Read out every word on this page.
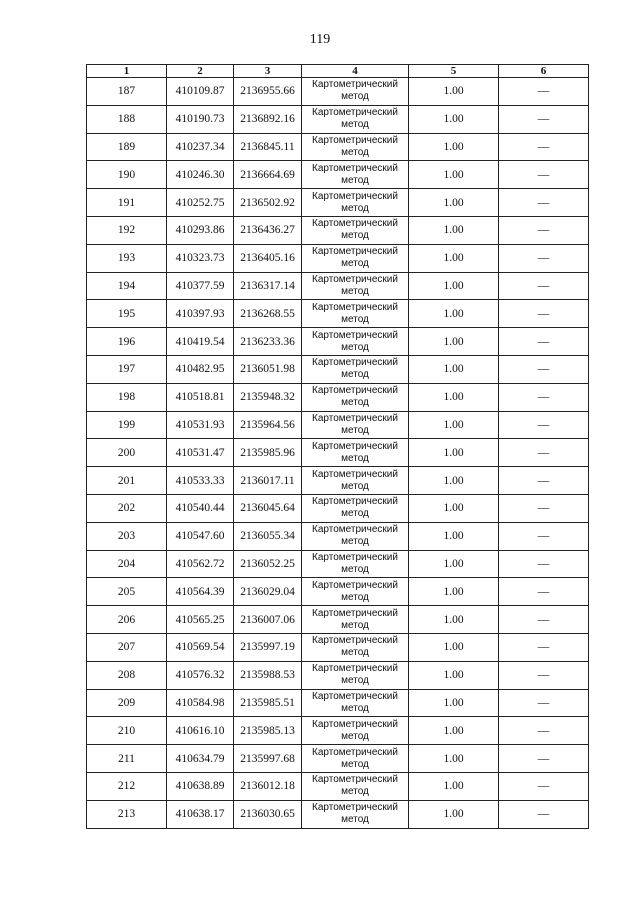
119
1	2	3	4	5	6
187	410109.87	2136955.66	Картометрический метод	1.00	—
188	410190.73	2136892.16	Картометрический метод	1.00	—
189	410237.34	2136845.11	Картометрический метод	1.00	—
190	410246.30	2136664.69	Картометрический метод	1.00	—
191	410252.75	2136502.92	Картометрический метод	1.00	—
192	410293.86	2136436.27	Картометрический метод	1.00	—
193	410323.73	2136405.16	Картометрический метод	1.00	—
194	410377.59	2136317.14	Картометрический метод	1.00	—
195	410397.93	2136268.55	Картометрический метод	1.00	—
196	410419.54	2136233.36	Картометрический метод	1.00	—
197	410482.95	2136051.98	Картометрический метод	1.00	—
198	410518.81	2135948.32	Картометрический метод	1.00	—
199	410531.93	2135964.56	Картометрический метод	1.00	—
200	410531.47	2135985.96	Картометрический метод	1.00	—
201	410533.33	2136017.11	Картометрический метод	1.00	—
202	410540.44	2136045.64	Картометрический метод	1.00	—
203	410547.60	2136055.34	Картометрический метод	1.00	—
204	410562.72	2136052.25	Картометрический метод	1.00	—
205	410564.39	2136029.04	Картометрический метод	1.00	—
206	410565.25	2136007.06	Картометрический метод	1.00	—
207	410569.54	2135997.19	Картометрический метод	1.00	—
208	410576.32	2135988.53	Картометрический метод	1.00	—
209	410584.98	2135985.51	Картометрический метод	1.00	—
210	410616.10	2135985.13	Картометрический метод	1.00	—
211	410634.79	2135997.68	Картометрический метод	1.00	—
212	410638.89	2136012.18	Картометрический метод	1.00	—
213	410638.17	2136030.65	Картометрический метод	1.00	—
